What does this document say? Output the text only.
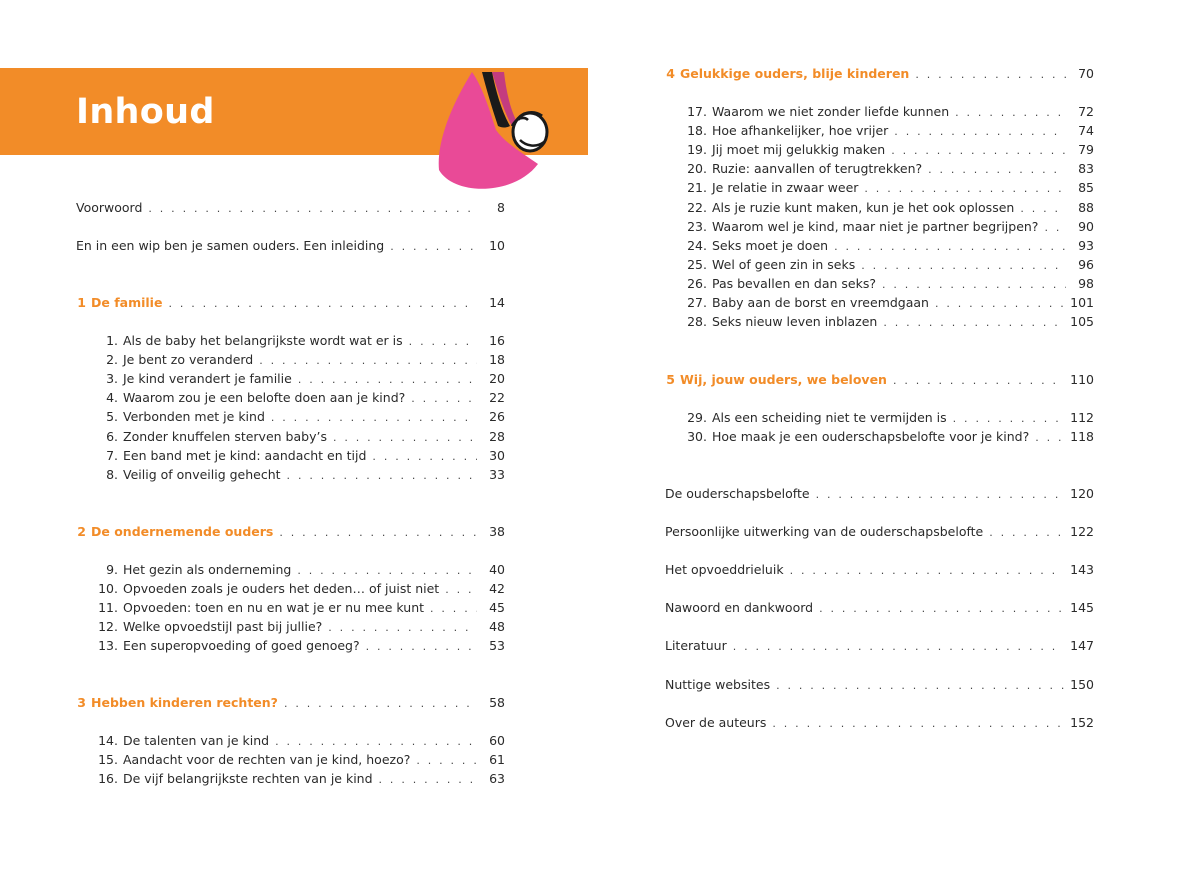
Inhoud
Voorwoord . . .	8
En in een wip ben je samen ouders. Een inleiding . . .	10
1 De familie . . .	14
1. Als de baby het belangrijkste wordt wat er is . . .	16
2. Je bent zo veranderd . . .	18
3. Je kind verandert je familie . . .	20
4. Waarom zou je een belofte doen aan je kind? . . .	22
5. Verbonden met je kind . . .	26
6. Zonder knuffelen sterven baby’s . . .	28
7. Een band met je kind: aandacht en tijd . . .	30
8. Veilig of onveilig gehecht . . .	33
2 De ondernemende ouders . . .	38
9. Het gezin als onderneming . . .	40
10. Opvoeden zoals je ouders het deden… of juist niet . . .	42
11. Opvoeden: toen en nu en wat je er nu mee kunt . . .	45
12. Welke opvoedstijl past bij jullie? . . .	48
13. Een superopvoeding of goed genoeg? . . .	53
3 Hebben kinderen rechten? . . .	58
14. De talenten van je kind . . .	60
15. Aandacht voor de rechten van je kind, hoezo? . . .	61
16. De vijf belangrijkste rechten van je kind . . .	63
4 Gelukkige ouders, blije kinderen . . .	70
17. Waarom we niet zonder liefde kunnen . . .	72
18. Hoe afhankelijker, hoe vrijer . . .	74
19. Jij moet mij gelukkig maken . . .	79
20. Ruzie: aanvallen of terugtrekken? . . .	83
21. Je relatie in zwaar weer . . .	85
22. Als je ruzie kunt maken, kun je het ook oplossen . . .	88
23. Waarom wel je kind, maar niet je partner begrijpen? . . .	90
24. Seks moet je doen . . .	93
25. Wel of geen zin in seks . . .	96
26. Pas bevallen en dan seks? . . .	98
27. Baby aan de borst en vreemdgaan . . .	101
28. Seks nieuw leven inblazen . . .	105
5 Wij, jouw ouders, we beloven . . .	110
29. Als een scheiding niet te vermijden is . . .	112
30. Hoe maak je een ouderschapsbelofte voor je kind? . . .	118
De ouderschapsbelofte . . .	120
Persoonlijke uitwerking van de ouderschapsbelofte . . .	122
Het opvoeddrieluik . . .	143
Nawoord en dankwoord . . .	145
Literatuur . . .	147
Nuttige websites . . .	150
Over de auteurs . . .	152
